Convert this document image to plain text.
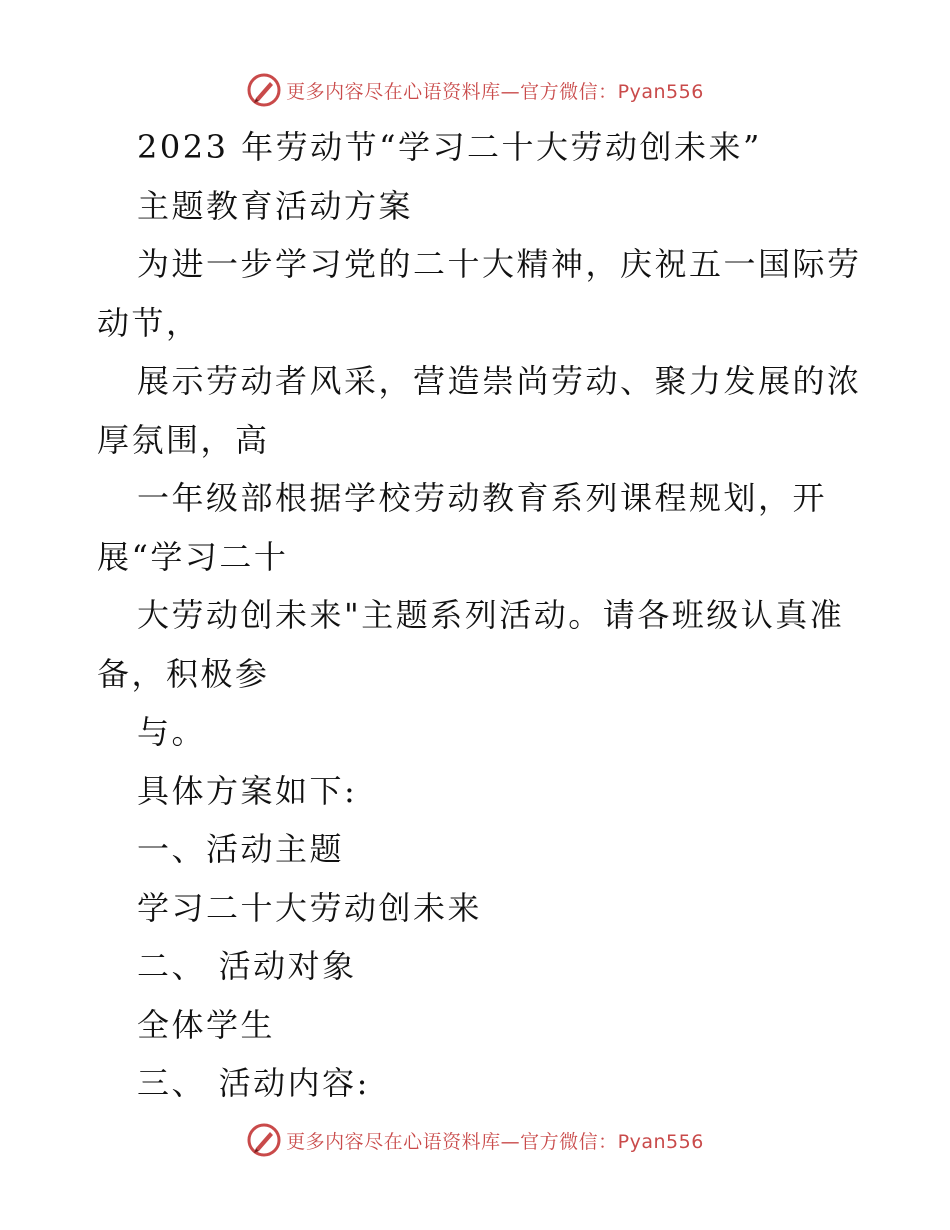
更多内容尽在心语资料库—官方微信：Pyan556

2023 年劳动节“学习二十大劳动创未来”

主题教育活动方案

为进一步学习党的二十大精神，庆祝五一国际劳

动节，

展示劳动者风采，营造崇尚劳动、聚力发展的浓

厚氛围，高

一年级部根据学校劳动教育系列课程规划，开

展“学习二十

大劳动创未来"主题系列活动。请各班级认真准

备，积极参

与。

具体方案如下:

一、活动主题

学习二十大劳动创未来

二、 活动对象

全体学生

三、 活动内容:

更多内容尽在心语资料库—官方微信：Pyan556
